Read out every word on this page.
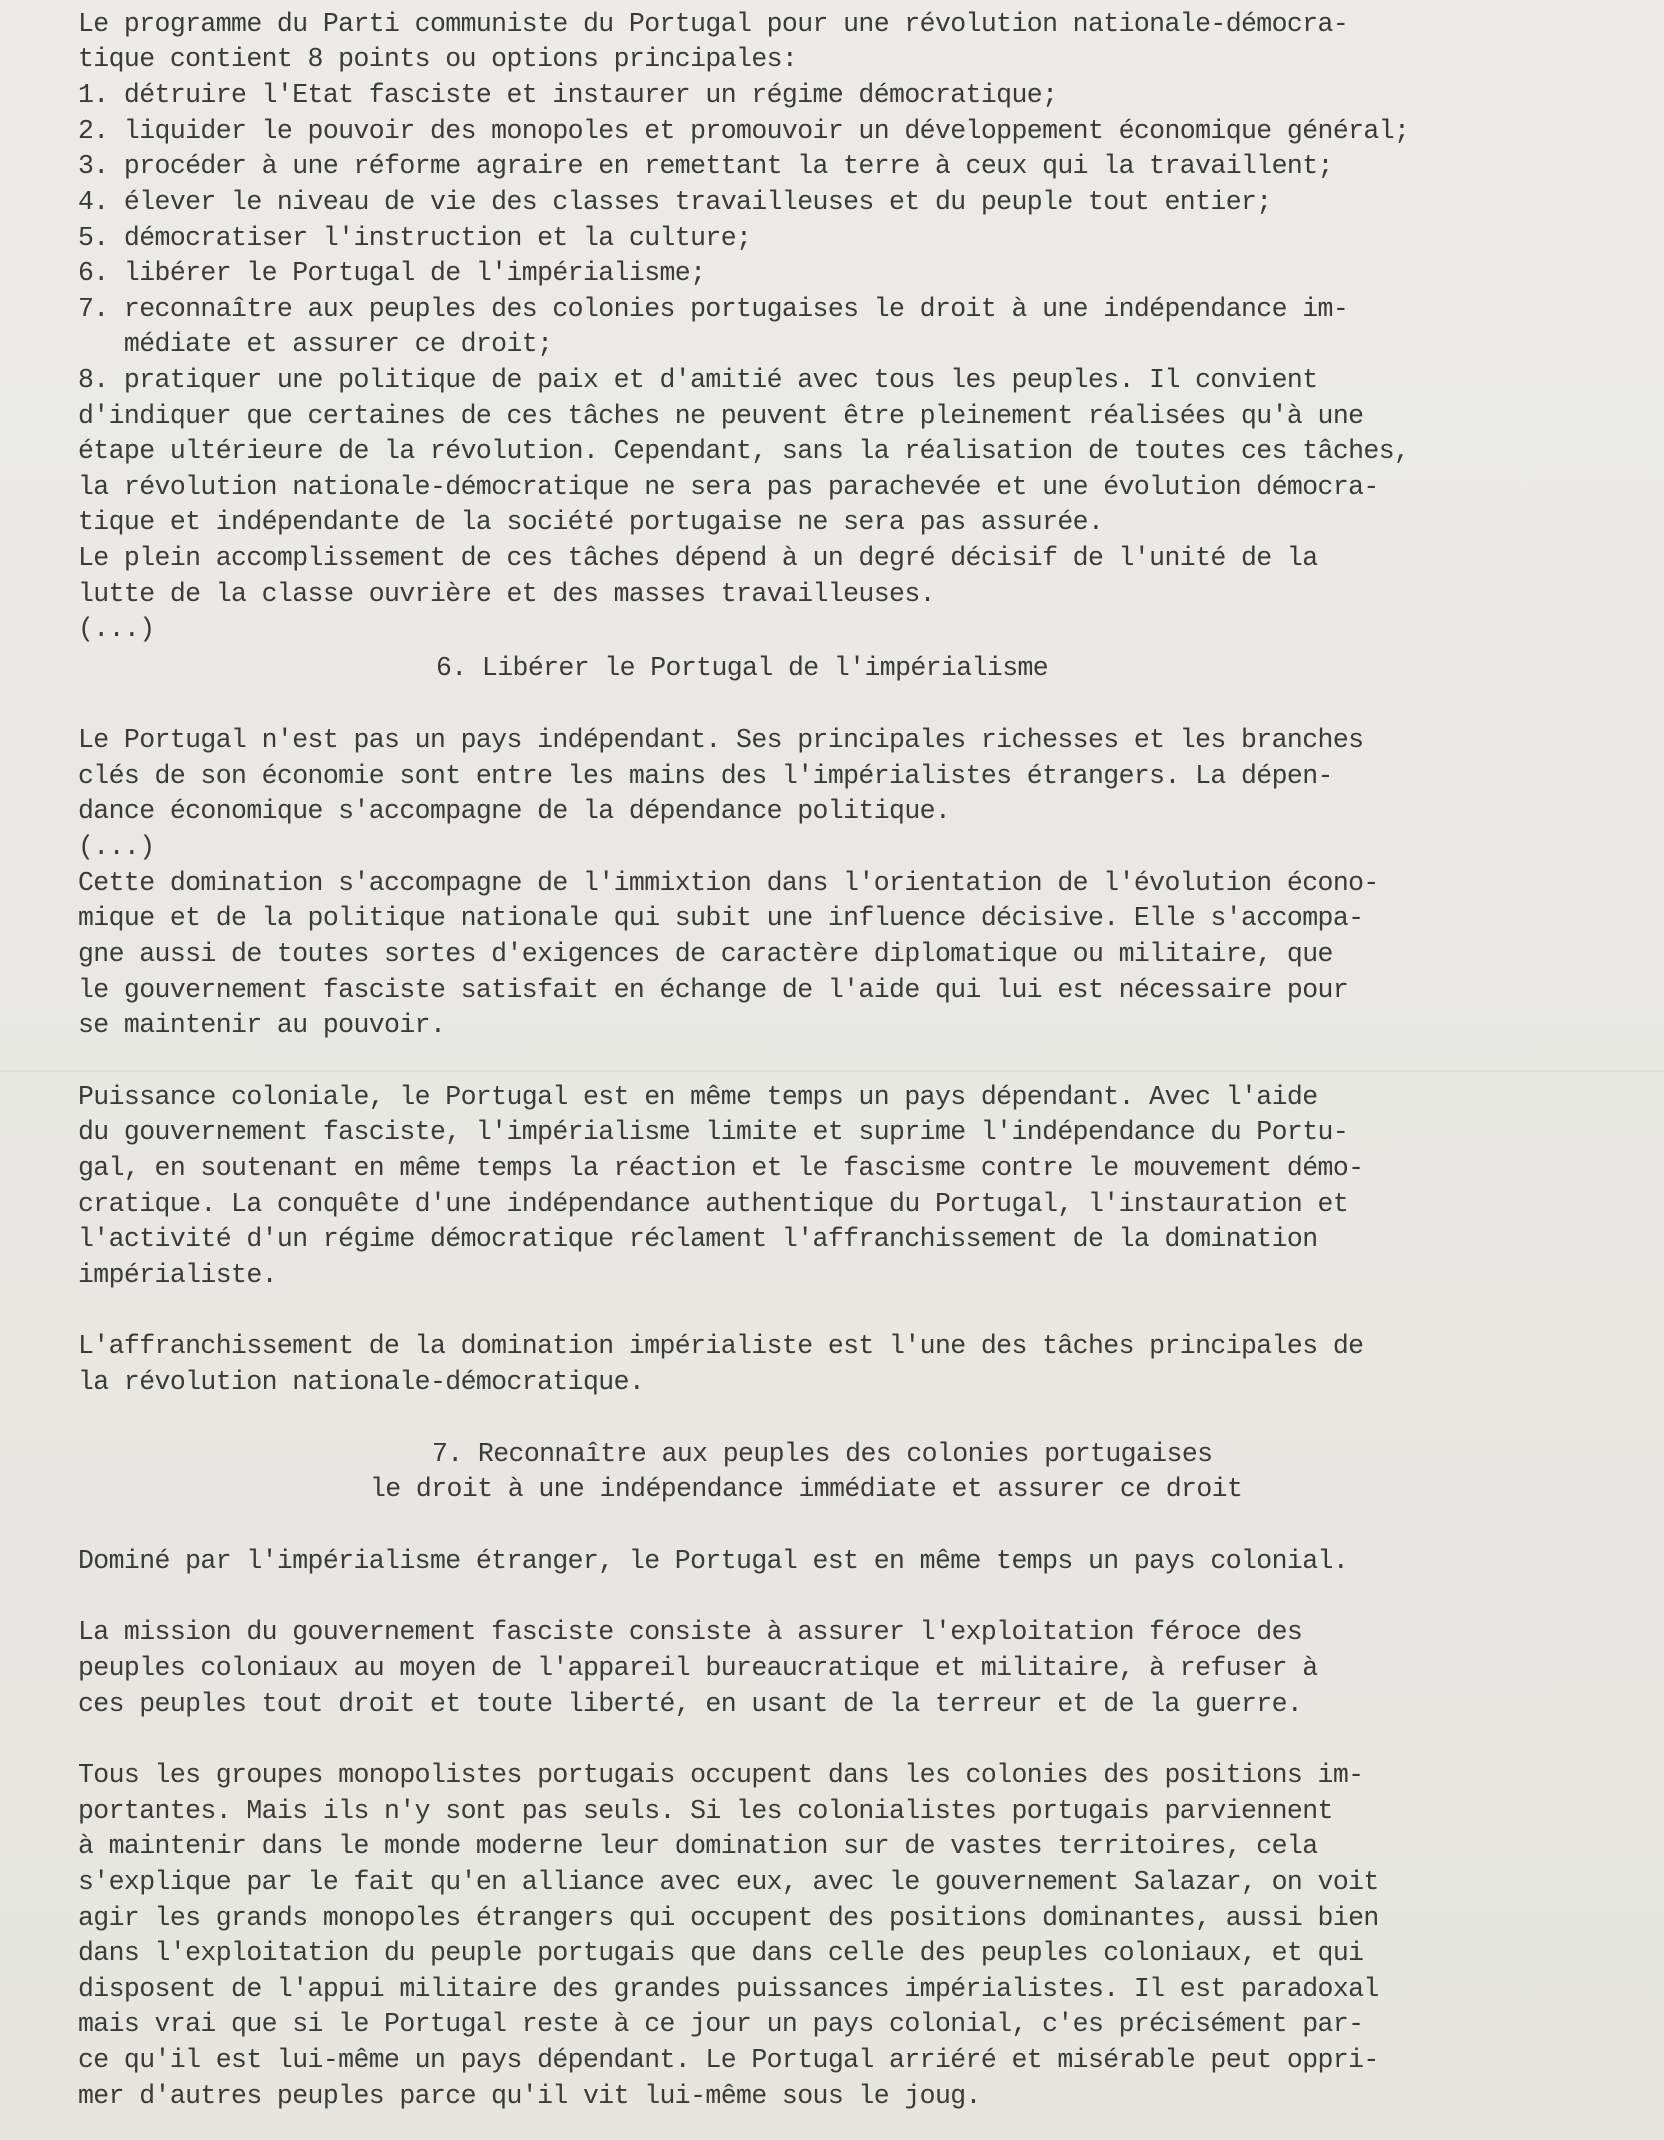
Le programme du Parti communiste du Portugal pour une révolution nationale-démocra-
tique contient 8 points ou options principales:
1. détruire l'Etat fasciste et instaurer un régime démocratique;
2. liquider le pouvoir des monopoles et promouvoir un développement économique général;
3. procéder à une réforme agraire en remettant la terre à ceux qui la travaillent;
4. élever le niveau de vie des classes travailleuses et du peuple tout entier;
5. démocratiser l'instruction et la culture;
6. libérer le Portugal de l'impérialisme;
7. reconnaître aux peuples des colonies portugaises le droit à une indépendance im-
médiate et assurer ce droit;
8. pratiquer une politique de paix et d'amitié avec tous les peuples. Il convient
d'indiquer que certaines de ces tâches ne peuvent être pleinement réalisées qu'à une
étape ultérieure de la révolution. Cependant, sans la réalisation de toutes ces tâches,
la révolution nationale-démocratique ne sera pas parachevée et une évolution démocra-
tique et indépendante de la société portugaise ne sera pas assurée.
Le plein accomplissement de ces tâches dépend à un degré décisif de l'unité de la
lutte de la classe ouvrière et des masses travailleuses.
(...)
6. Libérer le Portugal de l'impérialisme
Le Portugal n'est pas un pays indépendant. Ses principales richesses et les branches
clés de son économie sont entre les mains des l'impérialistes étrangers. La dépen-
dance économique s'accompagne de la dépendance politique.
(...)
Cette domination s'accompagne de l'immixtion dans l'orientation de l'évolution écono-
mique et de la politique nationale qui subit une influence décisive. Elle s'accompa-
gne aussi de toutes sortes d'exigences de caractère diplomatique ou militaire, que
le gouvernement fasciste satisfait en échange de l'aide qui lui est nécessaire pour
se maintenir au pouvoir.
Puissance coloniale, le Portugal est en même temps un pays dépendant. Avec l'aide
du gouvernement fasciste, l'impérialisme limite et suprime l'indépendance du Portu-
gal, en soutenant en même temps la réaction et le fascisme contre le mouvement démo-
cratique. La conquête d'une indépendance authentique du Portugal, l'instauration et
l'activité d'un régime démocratique réclament l'affranchissement de la domination
impérialiste.
L'affranchissement de la domination impérialiste est l'une des tâches principales de
la révolution nationale-démocratique.
7. Reconnaître aux peuples des colonies portugaises
le droit à une indépendance immédiate et assurer ce droit
Dominé par l'impérialisme étranger, le Portugal est en même temps un pays colonial.
La mission du gouvernement fasciste consiste à assurer l'exploitation féroce des
peuples coloniaux au moyen de l'appareil bureaucratique et militaire, à refuser à
ces peuples tout droit et toute liberté, en usant de la terreur et de la guerre.
Tous les groupes monopolistes portugais occupent dans les colonies des positions im-
portantes. Mais ils n'y sont pas seuls. Si les colonialistes portugais parviennent
à maintenir dans le monde moderne leur domination sur de vastes territoires, cela
s'explique par le fait qu'en alliance avec eux, avec le gouvernement Salazar, on voit
agir les grands monopoles étrangers qui occupent des positions dominantes, aussi bien
dans l'exploitation du peuple portugais que dans celle des peuples coloniaux, et qui
disposent de l'appui militaire des grandes puissances impérialistes. Il est paradoxal
mais vrai que si le Portugal reste à ce jour un pays colonial, c'es précisément par-
ce qu'il est lui-même un pays dépendant. Le Portugal arriéré et misérable peut oppri-
mer d'autres peuples parce qu'il vit lui-même sous le joug.
